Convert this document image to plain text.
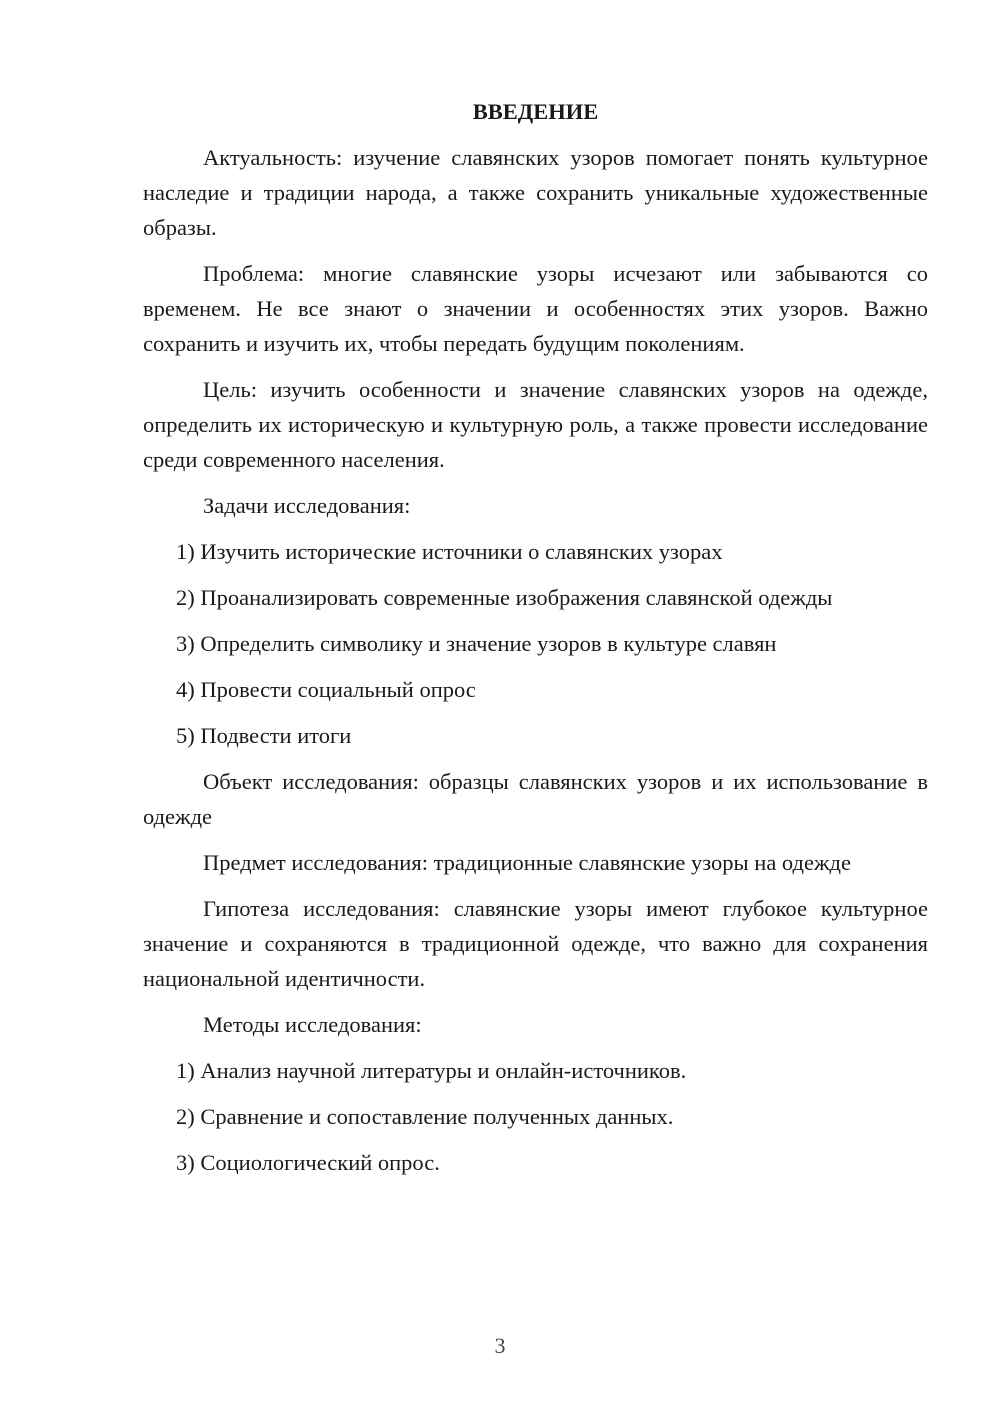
ВВЕДЕНИЕ

Актуальность: изучение славянских узоров помогает понять культурное наследие и традиции народа, а также сохранить уникальные художественные образы.

Проблема: многие славянские узоры исчезают или забываются со временем. Не все знают о значении и особенностях этих узоров. Важно сохранить и изучить их, чтобы передать будущим поколениям.

Цель: изучить особенности и значение славянских узоров на одежде, определить их историческую и культурную роль, а также провести исследование среди современного населения.

Задачи исследования:

1) Изучить исторические источники о славянских узорах

2) Проанализировать современные изображения славянской одежды

3) Определить символику и значение узоров в культуре славян

4) Провести социальный опрос

5) Подвести итоги

Объект исследования: образцы славянских узоров и их использование в одежде

Предмет исследования: традиционные славянские узоры на одежде

Гипотеза исследования: славянские узоры имеют глубокое культурное значение и сохраняются в традиционной одежде, что важно для сохранения национальной идентичности.

Методы исследования:

1) Анализ научной литературы и онлайн-источников.

2) Сравнение и сопоставление полученных данных.

3) Социологический опрос.

3
